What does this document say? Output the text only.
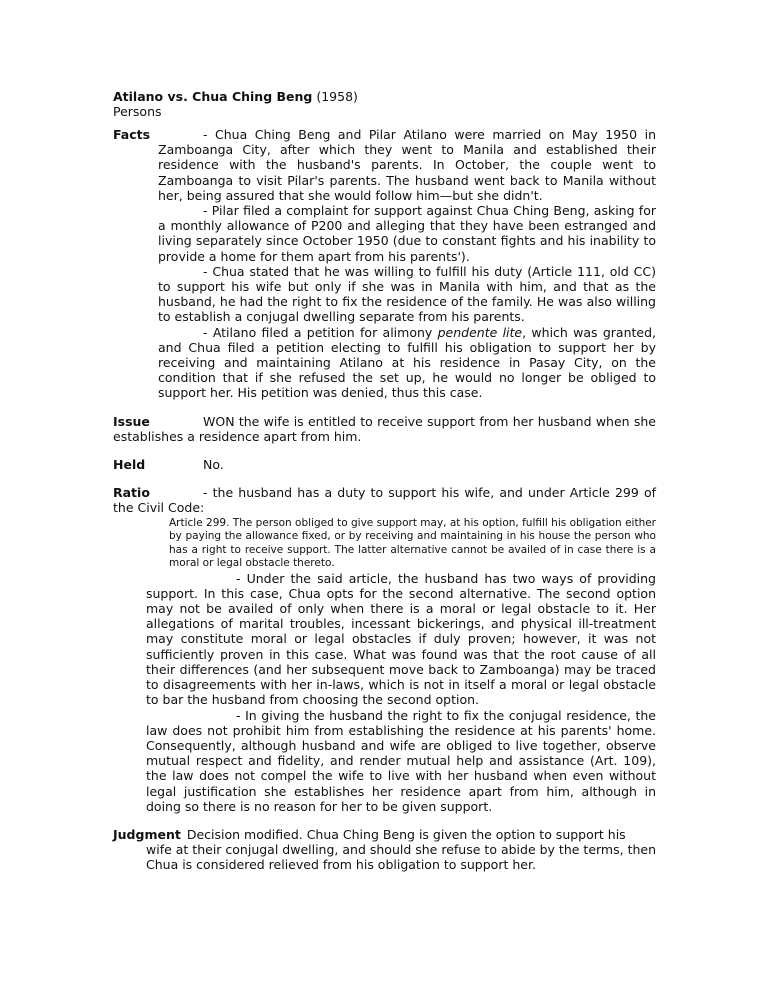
Atilano vs. Chua Ching Beng (1958)
Persons
Facts	- Chua Ching Beng and Pilar Atilano were married on May 1950 in Zamboanga City, after which they went to Manila and established their residence with the husband's parents. In October, the couple went to Zamboanga to visit Pilar's parents. The husband went back to Manila without her, being assured that she would follow him—but she didn't.
- Pilar filed a complaint for support against Chua Ching Beng, asking for a monthly allowance of P200 and alleging that they have been estranged and living separately since October 1950 (due to constant fights and his inability to provide a home for them apart from his parents').
- Chua stated that he was willing to fulfill his duty (Article 111, old CC) to support his wife but only if she was in Manila with him, and that as the husband, he had the right to fix the residence of the family. He was also willing to establish a conjugal dwelling separate from his parents.
- Atilano filed a petition for alimony pendente lite, which was granted, and Chua filed a petition electing to fulfill his obligation to support her by receiving and maintaining Atilano at his residence in Pasay City, on the condition that if she refused the set up, he would no longer be obliged to support her. His petition was denied, thus this case.
Issue	WON the wife is entitled to receive support from her husband when she establishes a residence apart from him.
Held	No.
Ratio	- the husband has a duty to support his wife, and under Article 299 of the Civil Code:
Article 299. The person obliged to give support may, at his option, fulfill his obligation either by paying the allowance fixed, or by receiving and maintaining in his house the person who has a right to receive support. The latter alternative cannot be availed of in case there is a moral or legal obstacle thereto.
- Under the said article, the husband has two ways of providing support. In this case, Chua opts for the second alternative. The second option may not be availed of only when there is a moral or legal obstacle to it. Her allegations of marital troubles, incessant bickerings, and physical ill-treatment may constitute moral or legal obstacles if duly proven; however, it was not sufficiently proven in this case. What was found was that the root cause of all their differences (and her subsequent move back to Zamboanga) may be traced to disagreements with her in-laws, which is not in itself a moral or legal obstacle to bar the husband from choosing the second option.
- In giving the husband the right to fix the conjugal residence, the law does not prohibit him from establishing the residence at his parents' home. Consequently, although husband and wife are obliged to live together, observe mutual respect and fidelity, and render mutual help and assistance (Art. 109), the law does not compel the wife to live with her husband when even without legal justification she establishes her residence apart from him, although in doing so there is no reason for her to be given support.
Judgment Decision modified. Chua Ching Beng is given the option to support his
wife at their conjugal dwelling, and should she refuse to abide by the terms, then Chua is considered relieved from his obligation to support her.
